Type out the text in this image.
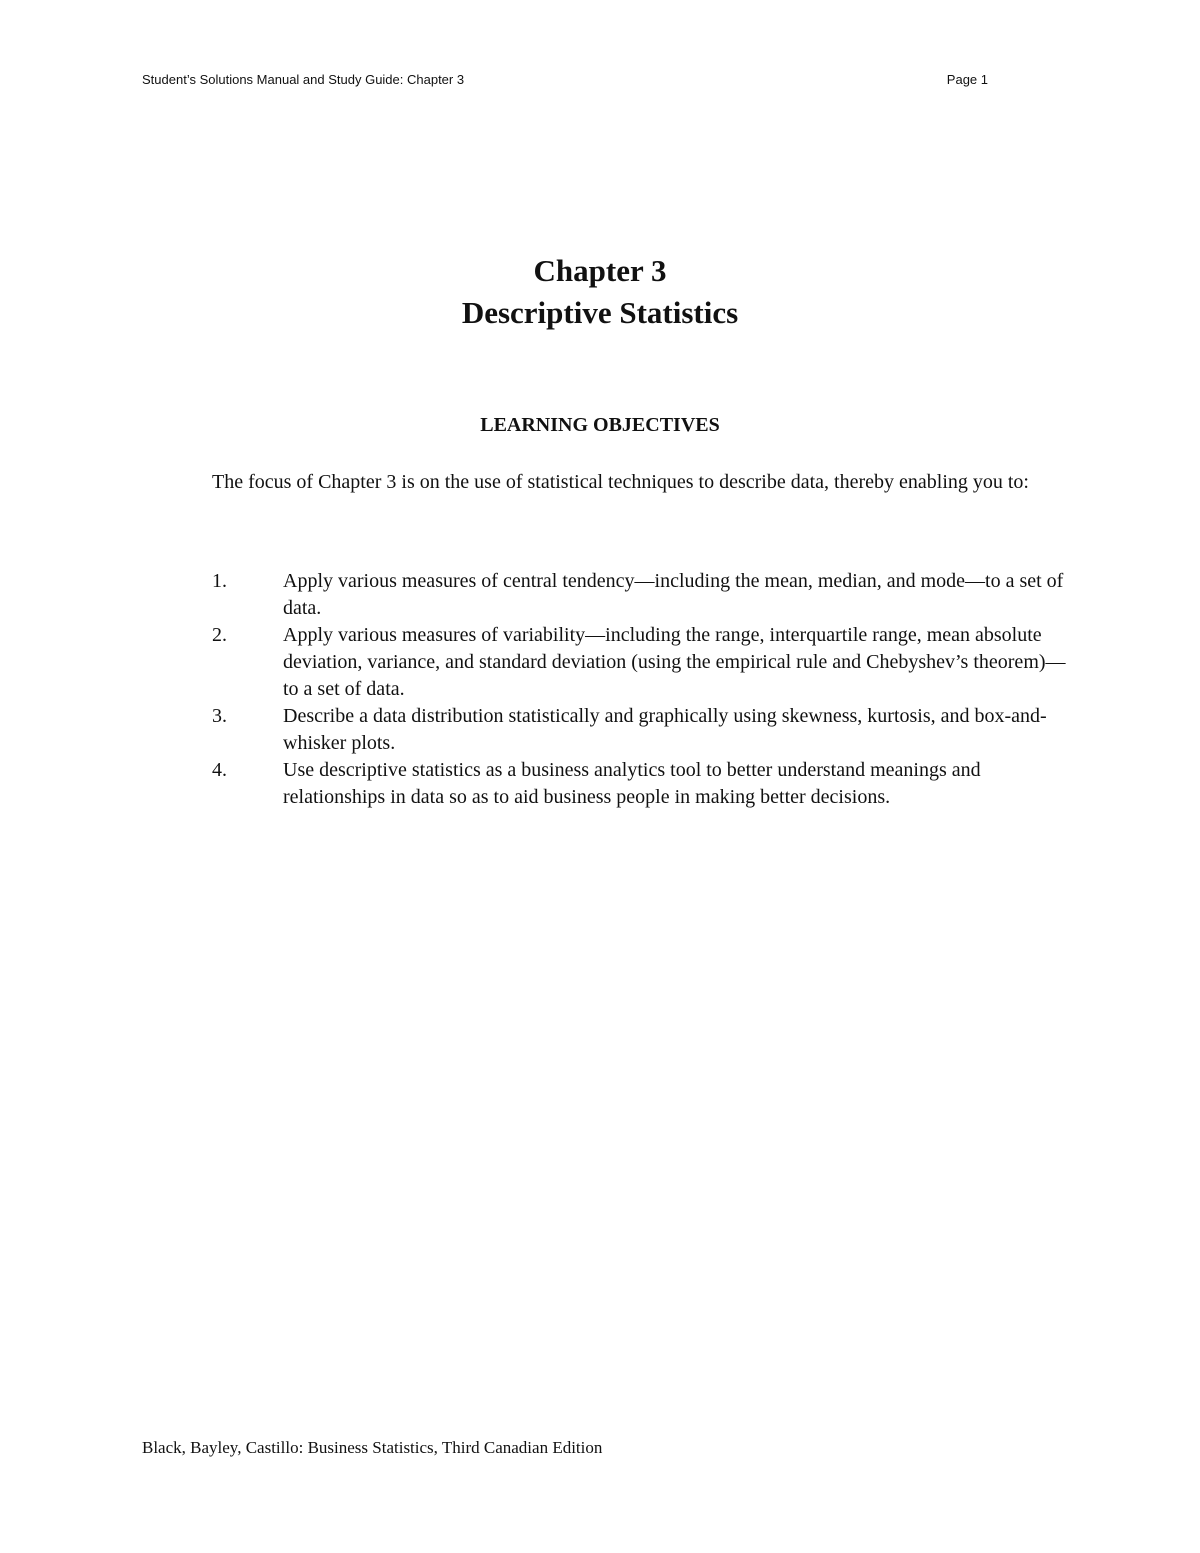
Student’s Solutions Manual and Study Guide: Chapter 3	Page 1
Chapter 3
Descriptive Statistics
LEARNING OBJECTIVES
The focus of Chapter 3 is on the use of statistical techniques to describe data, thereby enabling you to:
1.	Apply various measures of central tendency—including the mean, median, and mode—to a set of data.
2.	Apply various measures of variability—including the range, interquartile range, mean absolute deviation, variance, and standard deviation (using the empirical rule and Chebyshev’s theorem)—to a set of data.
3.	Describe a data distribution statistically and graphically using skewness, kurtosis, and box-and-whisker plots.
4.	Use descriptive statistics as a business analytics tool to better understand meanings and relationships in data so as to aid business people in making better decisions.
Black, Bayley, Castillo: Business Statistics, Third Canadian Edition
